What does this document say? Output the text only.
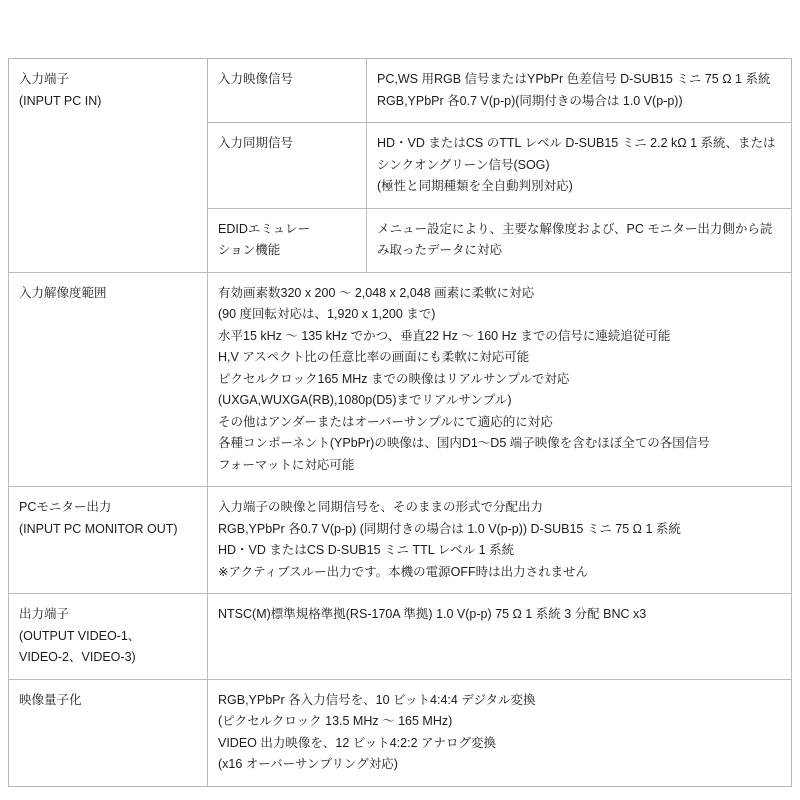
入力端子
(INPUT PC IN)	入力映像信号	PC,WS 用RGB 信号またはYPbPr 色差信号 D-SUB15 ミニ 75 Ω 1 系統
RGB,YPbPr 各0.7 V(p-p)(同期付きの場合は 1.0 V(p-p))

	入力同期信号	HD・VD またはCS のTTL レベル D-SUB15 ミニ 2.2 kΩ 1 系統、または
シンクオングリーン信号(SOG)
(極性と同期種類を全自動判別対応)

	EDIDエミュレー
ション機能	メニュー設定により、主要な解像度および、PC モニター出力側から読
み取ったデータに対応

入力解像度範囲	有効画素数320 x 200 〜 2,048 x 2,048 画素に柔軟に対応
(90 度回転対応は、1,920 x 1,200 まで)
水平15 kHz 〜 135 kHz でかつ、垂直22 Hz 〜 160 Hz までの信号に連続追従可能
H,V アスペクト比の任意比率の画面にも柔軟に対応可能
ピクセルクロック165 MHz までの映像はリアルサンプルで対応
(UXGA,WUXGA(RB),1080p(D5)までリアルサンプル)
その他はアンダーまたはオーバーサンプルにて適応的に対応
各種コンポーネント(YPbPr)の映像は、国内D1〜D5 端子映像を含むほぼ全ての各国信号
フォーマットに対応可能

PCモニター出力
(INPUT PC MONITOR OUT)	入力端子の映像と同期信号を、そのままの形式で分配出力
RGB,YPbPr 各0.7 V(p-p) (同期付きの場合は 1.0 V(p-p)) D-SUB15 ミニ 75 Ω 1 系統
HD・VD またはCS D-SUB15 ミニ TTL レベル 1 系統
※アクティブスルー出力です。本機の電源OFF時は出力されません	

出力端子
(OUTPUT VIDEO-1、
VIDEO-2、VIDEO-3)	NTSC(M)標準規格準拠(RS-170A 準拠) 1.0 V(p-p) 75 Ω 1 系統 3 分配 BNC x3	

映像量子化	RGB,YPbPr 各入力信号を、10 ビット4:4:4 デジタル変換
(ピクセルクロック 13.5 MHz 〜 165 MHz)
VIDEO 出力映像を、12 ビット4:2:2 アナログ変換
(x16 オーバーサンプリング対応)	
